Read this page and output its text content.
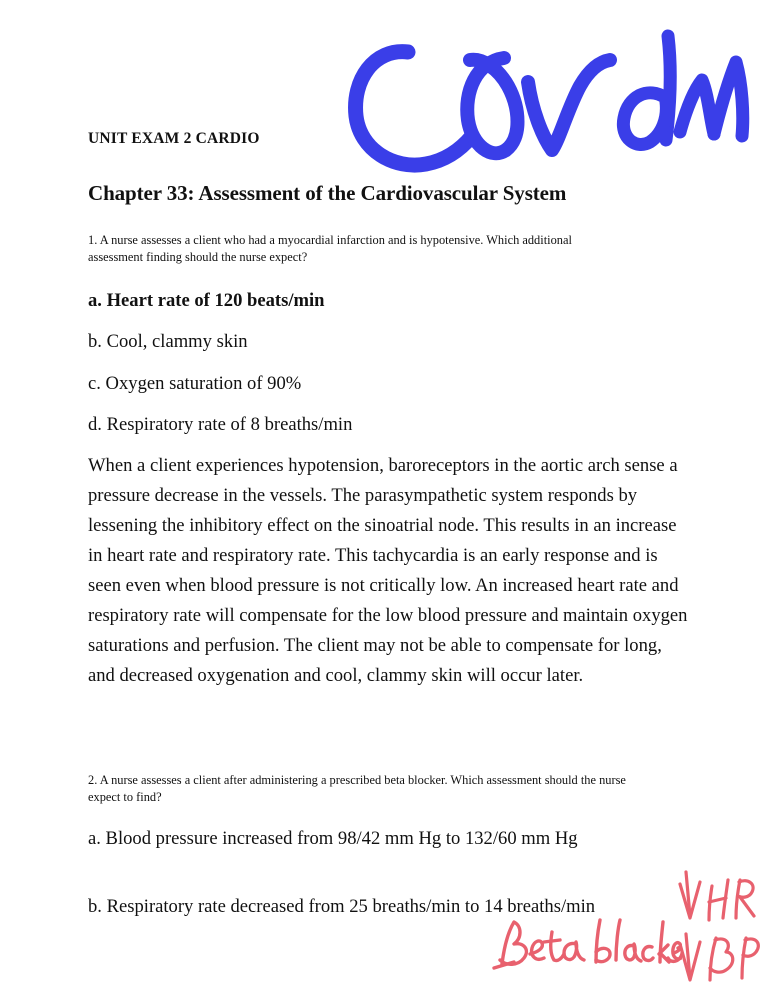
UNIT EXAM 2 CARDIO
Chapter 33: Assessment of the Cardiovascular System
1. A nurse assesses a client who had a myocardial infarction and is hypotensive. Which additional assessment finding should the nurse expect?
a. Heart rate of 120 beats/min
b. Cool, clammy skin
c. Oxygen saturation of 90%
d. Respiratory rate of 8 breaths/min
When a client experiences hypotension, baroreceptors in the aortic arch sense a pressure decrease in the vessels. The parasympathetic system responds by lessening the inhibitory effect on the sinoatrial node. This results in an increase in heart rate and respiratory rate. This tachycardia is an early response and is seen even when blood pressure is not critically low. An increased heart rate and respiratory rate will compensate for the low blood pressure and maintain oxygen saturations and perfusion. The client may not be able to compensate for long, and decreased oxygenation and cool, clammy skin will occur later.
2. A nurse assesses a client after administering a prescribed beta blocker. Which assessment should the nurse expect to find?
a. Blood pressure increased from 98/42 mm Hg to 132/60 mm Hg
b. Respiratory rate decreased from 25 breaths/min to 14 breaths/min
